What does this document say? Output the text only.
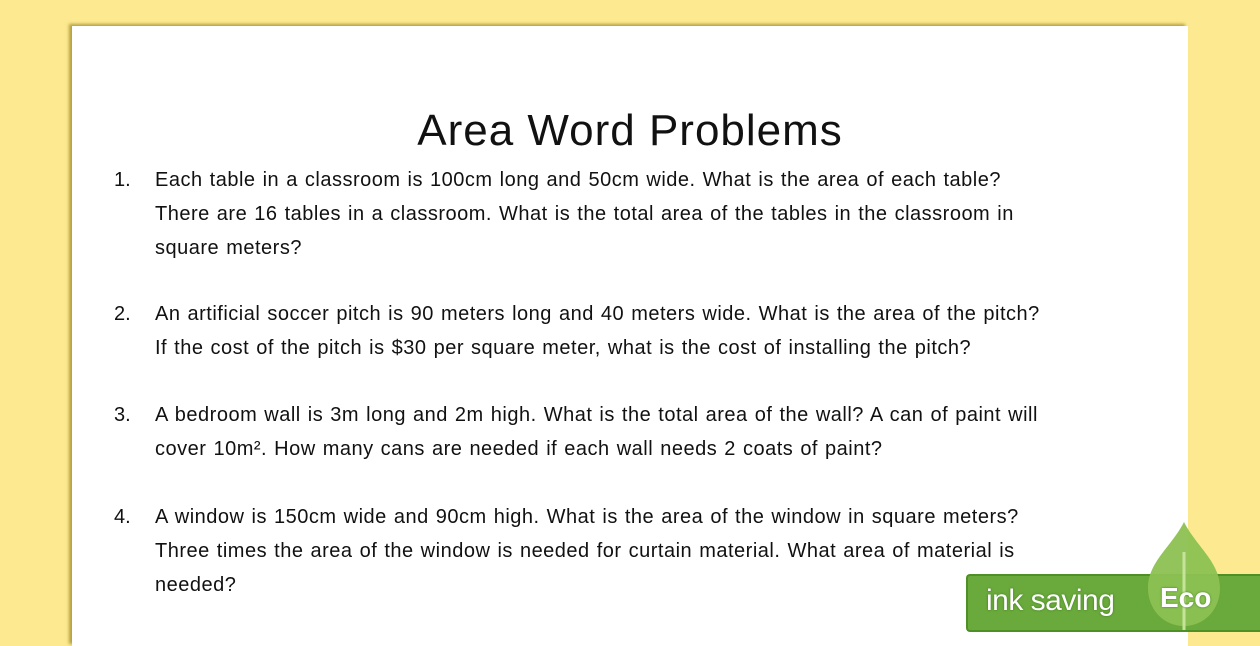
Area Word Problems
1. Each table in a classroom is 100cm long and 50cm wide. What is the area of each table?
There are 16 tables in a classroom. What is the total area of the tables in the classroom in
square meters?
2. An artificial soccer pitch is 90 meters long and 40 meters wide. What is the area of the pitch?
If the cost of the pitch is $30 per square meter, what is the cost of installing the pitch?
3. A bedroom wall is 3m long and 2m high. What is the total area of the wall? A can of paint will
cover 10m². How many cans are needed if each wall needs 2 coats of paint?
4. A window is 150cm wide and 90cm high. What is the area of the window in square meters?
Three times the area of the window is needed for curtain material. What area of material is
needed?	ink saving Eco
